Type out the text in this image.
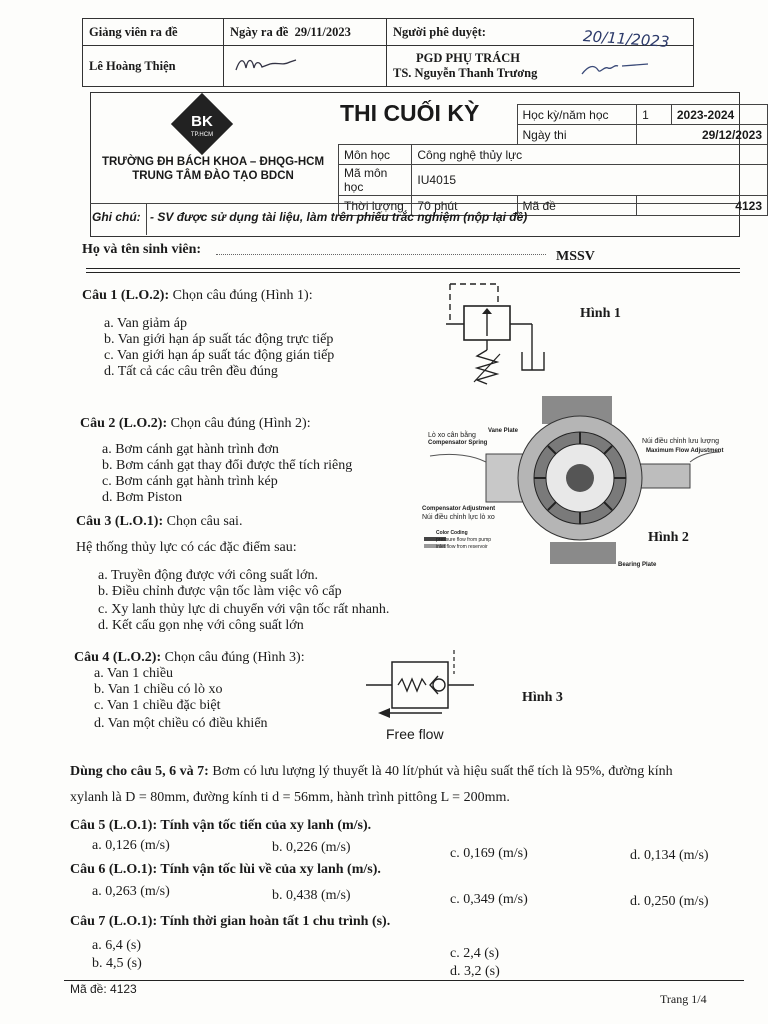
Giảng viên ra đề	Ngày ra đề 29/11/2023	Người phê duyệt:
Lê Hoàng Thiện		PGD PHỤ TRÁCH
TS. Nguyễn Thanh Trương
20/11/2023
BK
TP.HCM
TRƯỜNG ĐH BÁCH KHOA – ĐHQG-HCM
TRUNG TÂM ĐÀO TẠO BDCN
THI CUỐI KỲ
			Học kỳ/năm học	1	2023-2024
		Ngày thi	29/12/2023	
Môn học	Công nghệ thủy lực			
Mã môn học	IU4015			
Thời lượng	70 phút	Mã đề	4123	
Ghi chú: - SV được sử dụng tài liệu, làm trên phiếu trắc nghiệm (nộp lại đề)
Họ và tên sinh viên:	MSSV
Câu 1 (L.O.2): Chọn câu đúng (Hình 1):
a. Van giảm áp
b. Van giới hạn áp suất tác động trực tiếp
c. Van giới hạn áp suất tác động gián tiếp
d. Tất cả các câu trên đều đúng
Hình 1
Câu 2 (L.O.2): Chọn câu đúng (Hình 2):
a. Bơm cánh gạt hành trình đơn
b. Bơm cánh gạt thay đổi được thể tích riêng
c. Bơm cánh gạt hành trình kép
d. Bơm Piston
Lò xo cân bằng
Compensator Spring
Vane Plate
Núi điều chỉnh lưu lượng
Maximum Flow Adjustment
Compensator Adjustment
Núi điều chỉnh lực lò xo
Color Coding
pressure flow from pump
inlet flow from reservoir
Bearing Plate
Hình 2
Câu 3 (L.O.1): Chọn câu sai.
Hệ thống thủy lực có các đặc điểm sau:
a. Truyền động được với công suất lớn.
b. Điều chỉnh được vận tốc làm việc vô cấp
c. Xy lanh thủy lực di chuyển với vận tốc rất nhanh.
d. Kết cấu gọn nhẹ với công suất lớn
Câu 4 (L.O.2): Chọn câu đúng (Hình 3):
a. Van 1 chiều
b. Van 1 chiều có lò xo
c. Van 1 chiều đặc biệt
d. Van một chiều có điều khiển
Hình 3
Free flow
Dùng cho câu 5, 6 và 7: Bơm có lưu lượng lý thuyết là 40 lít/phút và hiệu suất thể tích là 95%, đường kính
xylanh là D = 80mm, đường kính ti d = 56mm, hành trình pittông L = 200mm.
Câu 5 (L.O.1): Tính vận tốc tiến của xy lanh (m/s).
a. 0,126 (m/s)	b. 0,226 (m/s)	c. 0,169 (m/s)	d. 0,134 (m/s)
Câu 6 (L.O.1): Tính vận tốc lùi về của xy lanh (m/s).
a. 0,263 (m/s)	b. 0,438 (m/s)	c. 0,349 (m/s)	d. 0,250 (m/s)
Câu 7 (L.O.1): Tính thời gian hoàn tất 1 chu trình (s).
a. 6,4 (s)
b. 4,5 (s)
c. 2,4 (s)
d. 3,2 (s)
Mã đề: 4123
Trang 1/4
